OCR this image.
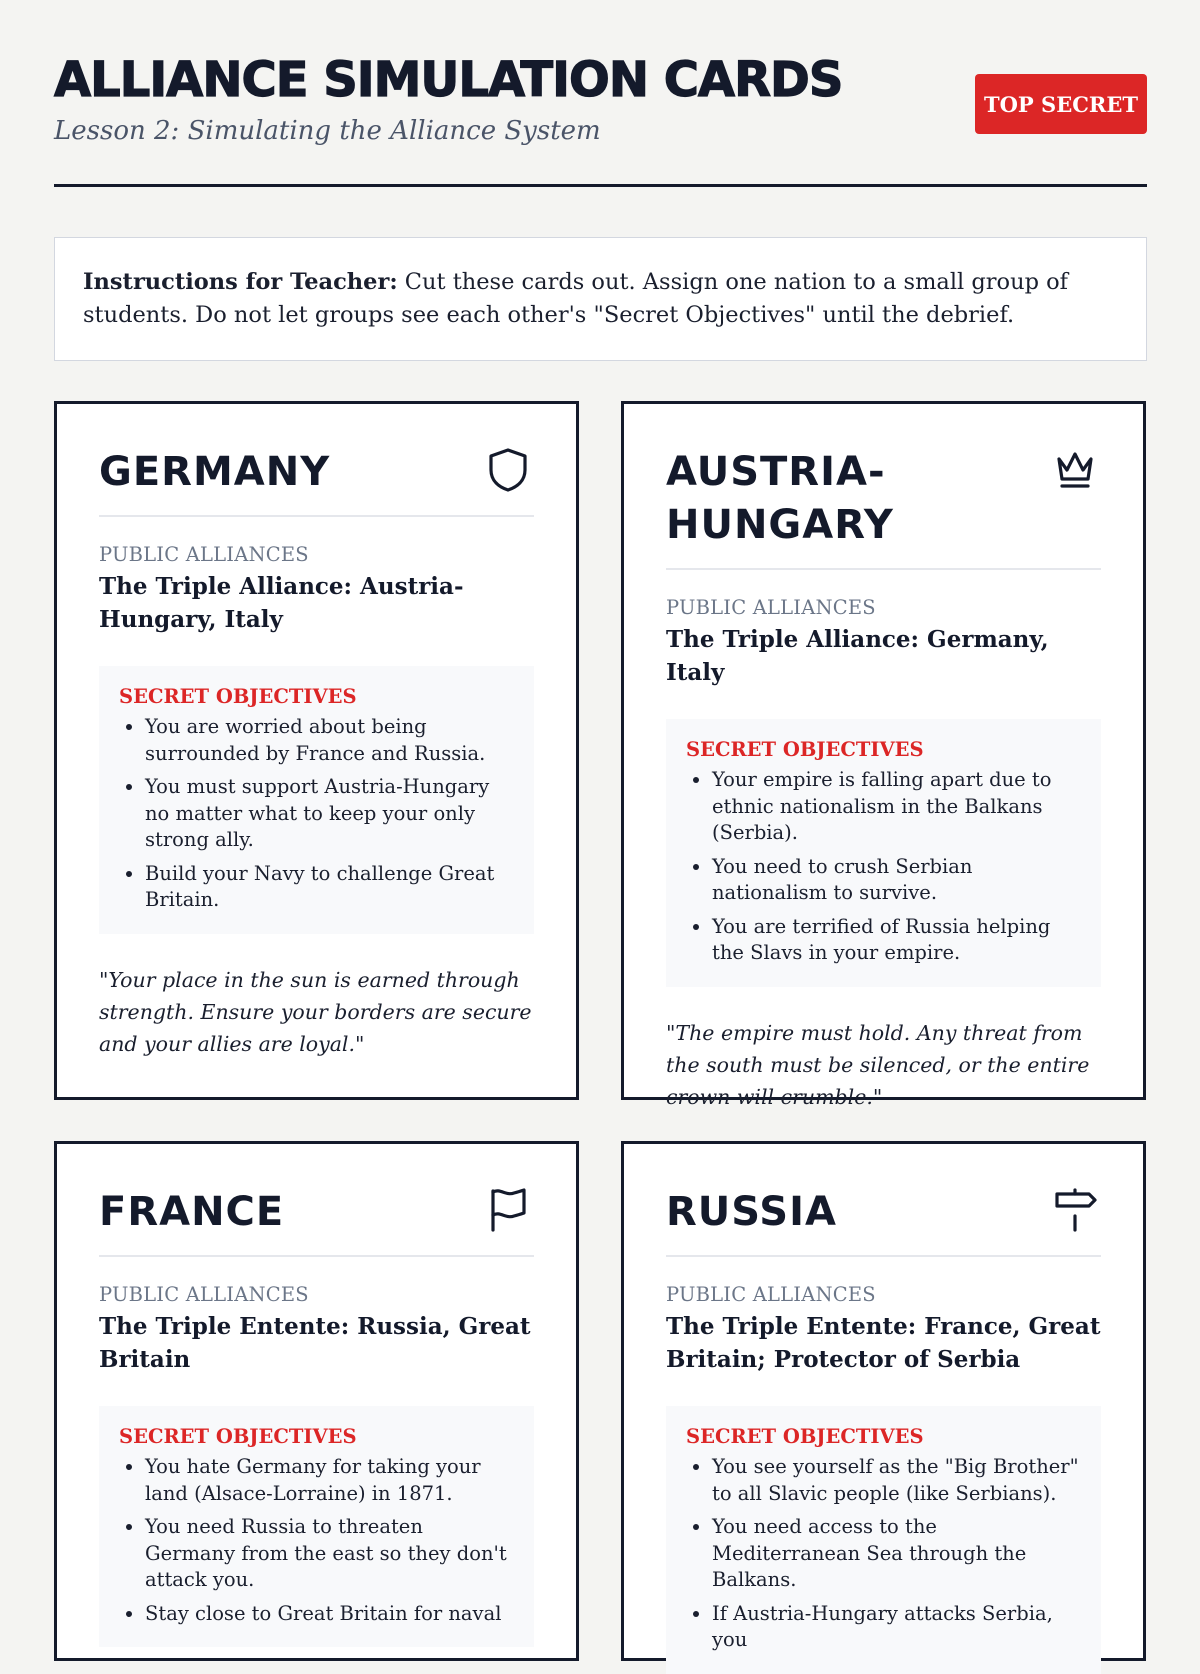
ALLIANCE SIMULATION CARDS

Lesson 2: Simulating the Alliance System

TOP SECRET
Instructions for Teacher: Cut these cards out. Assign one nation to a small group of students. Do not let groups see each other's "Secret Objectives" until the debrief.
GERMANY
PUBLIC ALLIANCES
The Triple Alliance: Austria-Hungary, Italy
SECRET OBJECTIVES
• You are worried about being surrounded by France and Russia.
• You must support Austria-Hungary no matter what to keep your only strong ally.
• Build your Navy to challenge Great Britain.
"Your place in the sun is earned through strength. Ensure your borders are secure and your allies are loyal."
AUSTRIA-HUNGARY
PUBLIC ALLIANCES
The Triple Alliance: Germany, Italy
SECRET OBJECTIVES
• Your empire is falling apart due to ethnic nationalism in the Balkans (Serbia).
• You need to crush Serbian nationalism to survive.
• You are terrified of Russia helping the Slavs in your empire.
"The empire must hold. Any threat from the south must be silenced, or the entire crown will crumble."
FRANCE
PUBLIC ALLIANCES
The Triple Entente: Russia, Great Britain
SECRET OBJECTIVES
• You hate Germany for taking your land (Alsace-Lorraine) in 1871.
• You need Russia to threaten Germany from the east so they don't attack you.
• Stay close to Great Britain for naval
RUSSIA
PUBLIC ALLIANCES
The Triple Entente: France, Great Britain; Protector of Serbia
SECRET OBJECTIVES
• You see yourself as the "Big Brother" to all Slavic people (like Serbians).
• You need access to the Mediterranean Sea through the Balkans.
• If Austria-Hungary attacks Serbia, you
